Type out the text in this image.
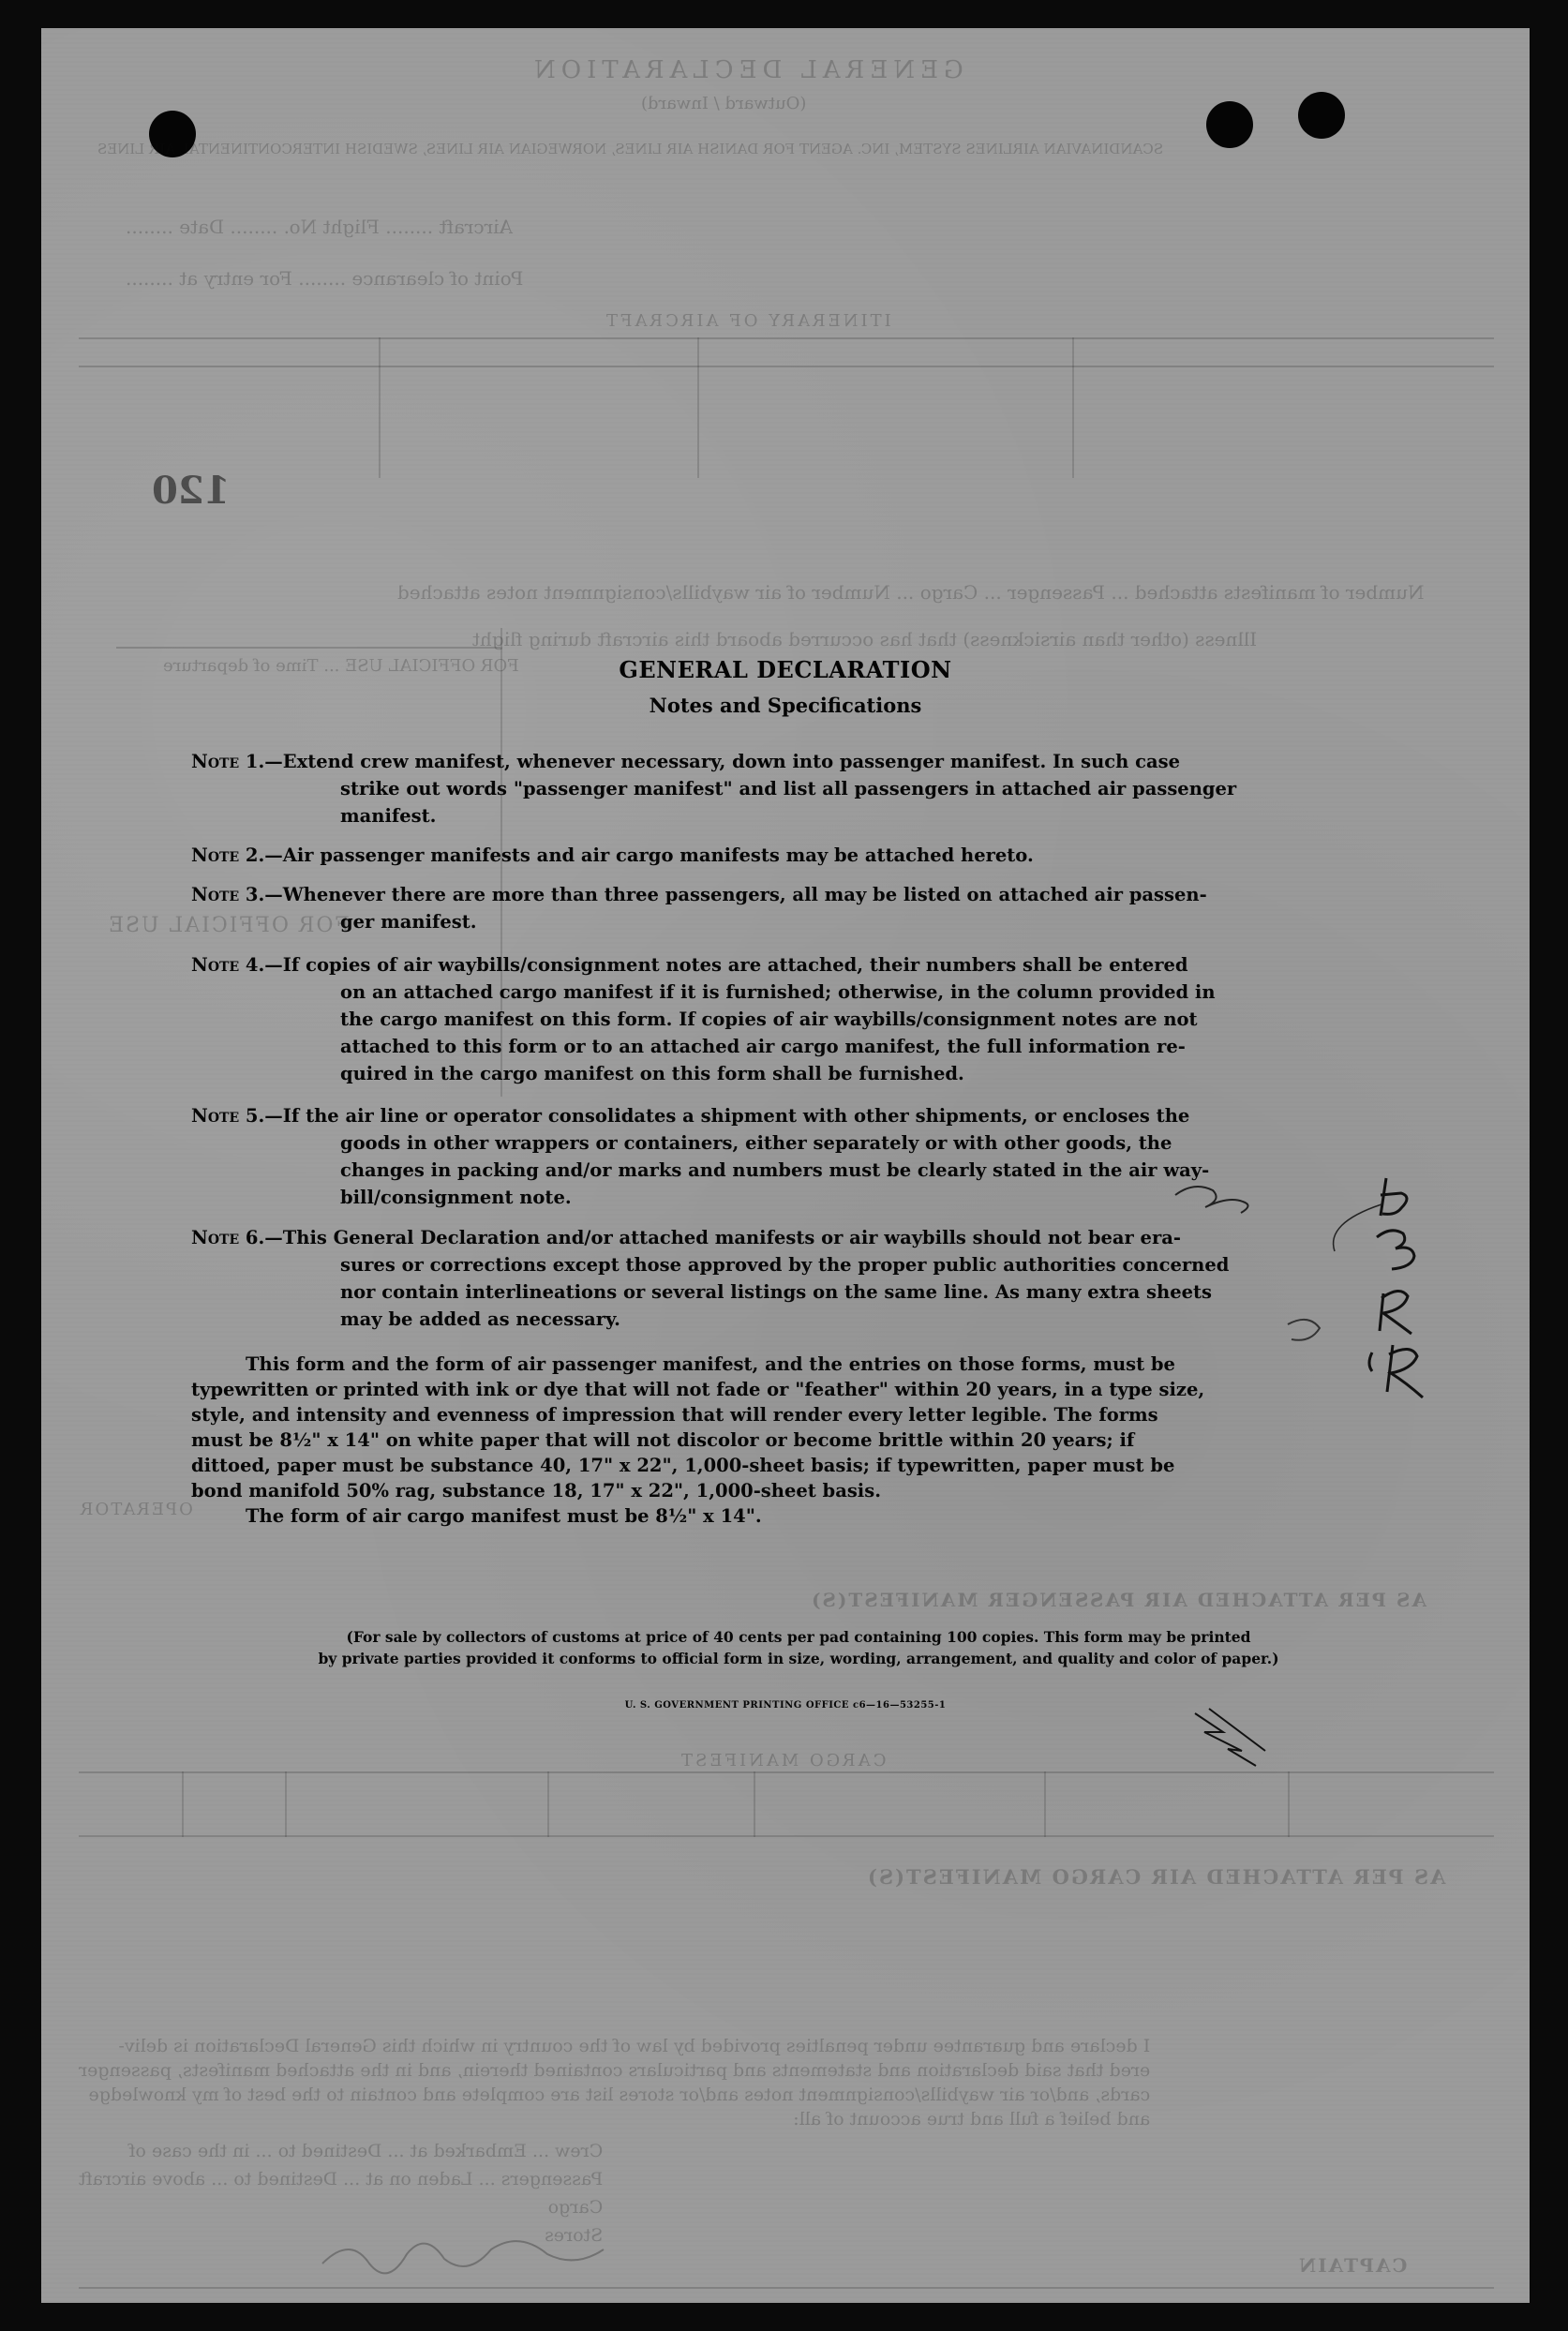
GENERAL DECLARATION
(Outward / Inward)
SCANDINAVIAN AIRLINES SYSTEM, INC. AGENT FOR DANISH AIR LINES, NORWEGIAN AIR LINES, SWEDISH INTERCONTINENTAL AIR LINES
Aircraft ........ Flight No. ........ Date ........
Point of clearance ........ For entry at ........
ITINERARY OF AIRCRAFT
Number of manifests attached ... Passenger ... Cargo ... Number of air waybills/consignment notes attached
Illness (other than airsickness) that has occurred aboard this aircraft during flight
FOR OFFICIAL USE ... Time of departure
FOR OFFICIAL USE
OPERATOR
AS PER ATTACHED AIR PASSENGER MANIFEST(S)
CARGO MANIFEST
AS PER ATTACHED AIR CARGO MANIFEST(S)
I declare and guarantee under penalties provided by law of the country in which this General Declaration is deliv-
ered that said declaration and statements and particulars contained therein, and in the attached manifests, passenger
cards, and/or air waybills/consignment notes and/or stores list are complete and contain to the best of my knowledge
and belief a full and true account of all:
Crew ... Embarked at ... Destined to ... in the case of
Passengers ... Laden on at ... Destined to ... above aircraft
Cargo
Stores
CAPTAIN
120
GENERAL DECLARATION
Notes and Specifications
Note 1.—Extend crew manifest, whenever necessary, down into passenger manifest. In such case
strike out words "passenger manifest" and list all passengers in attached air passenger
manifest.
Note 2.—Air passenger manifests and air cargo manifests may be attached hereto.
Note 3.—Whenever there are more than three passengers, all may be listed on attached air passen-
ger manifest.
Note 4.—If copies of air waybills/consignment notes are attached, their numbers shall be entered
on an attached cargo manifest if it is furnished; otherwise, in the column provided in
the cargo manifest on this form. If copies of air waybills/consignment notes are not
attached to this form or to an attached air cargo manifest, the full information re-
quired in the cargo manifest on this form shall be furnished.
Note 5.—If the air line or operator consolidates a shipment with other shipments, or encloses the
goods in other wrappers or containers, either separately or with other goods, the
changes in packing and/or marks and numbers must be clearly stated in the air way-
bill/consignment note.
Note 6.—This General Declaration and/or attached manifests or air waybills should not bear era-
sures or corrections except those approved by the proper public authorities concerned
nor contain interlineations or several listings on the same line. As many extra sheets
may be added as necessary.
This form and the form of air passenger manifest, and the entries on those forms, must be
typewritten or printed with ink or dye that will not fade or "feather" within 20 years, in a type size,
style, and intensity and evenness of impression that will render every letter legible. The forms
must be 8½" x 14" on white paper that will not discolor or become brittle within 20 years; if
dittoed, paper must be substance 40, 17" x 22", 1,000-sheet basis; if typewritten, paper must be
bond manifold 50% rag, substance 18, 17" x 22", 1,000-sheet basis.

The form of air cargo manifest must be 8½" x 14".
(For sale by collectors of customs at price of 40 cents per pad containing 100 copies. This form may be printed
by private parties provided it conforms to official form in size, wording, arrangement, and quality and color of paper.)
U. S. GOVERNMENT PRINTING OFFICE c6—16—53255-1
